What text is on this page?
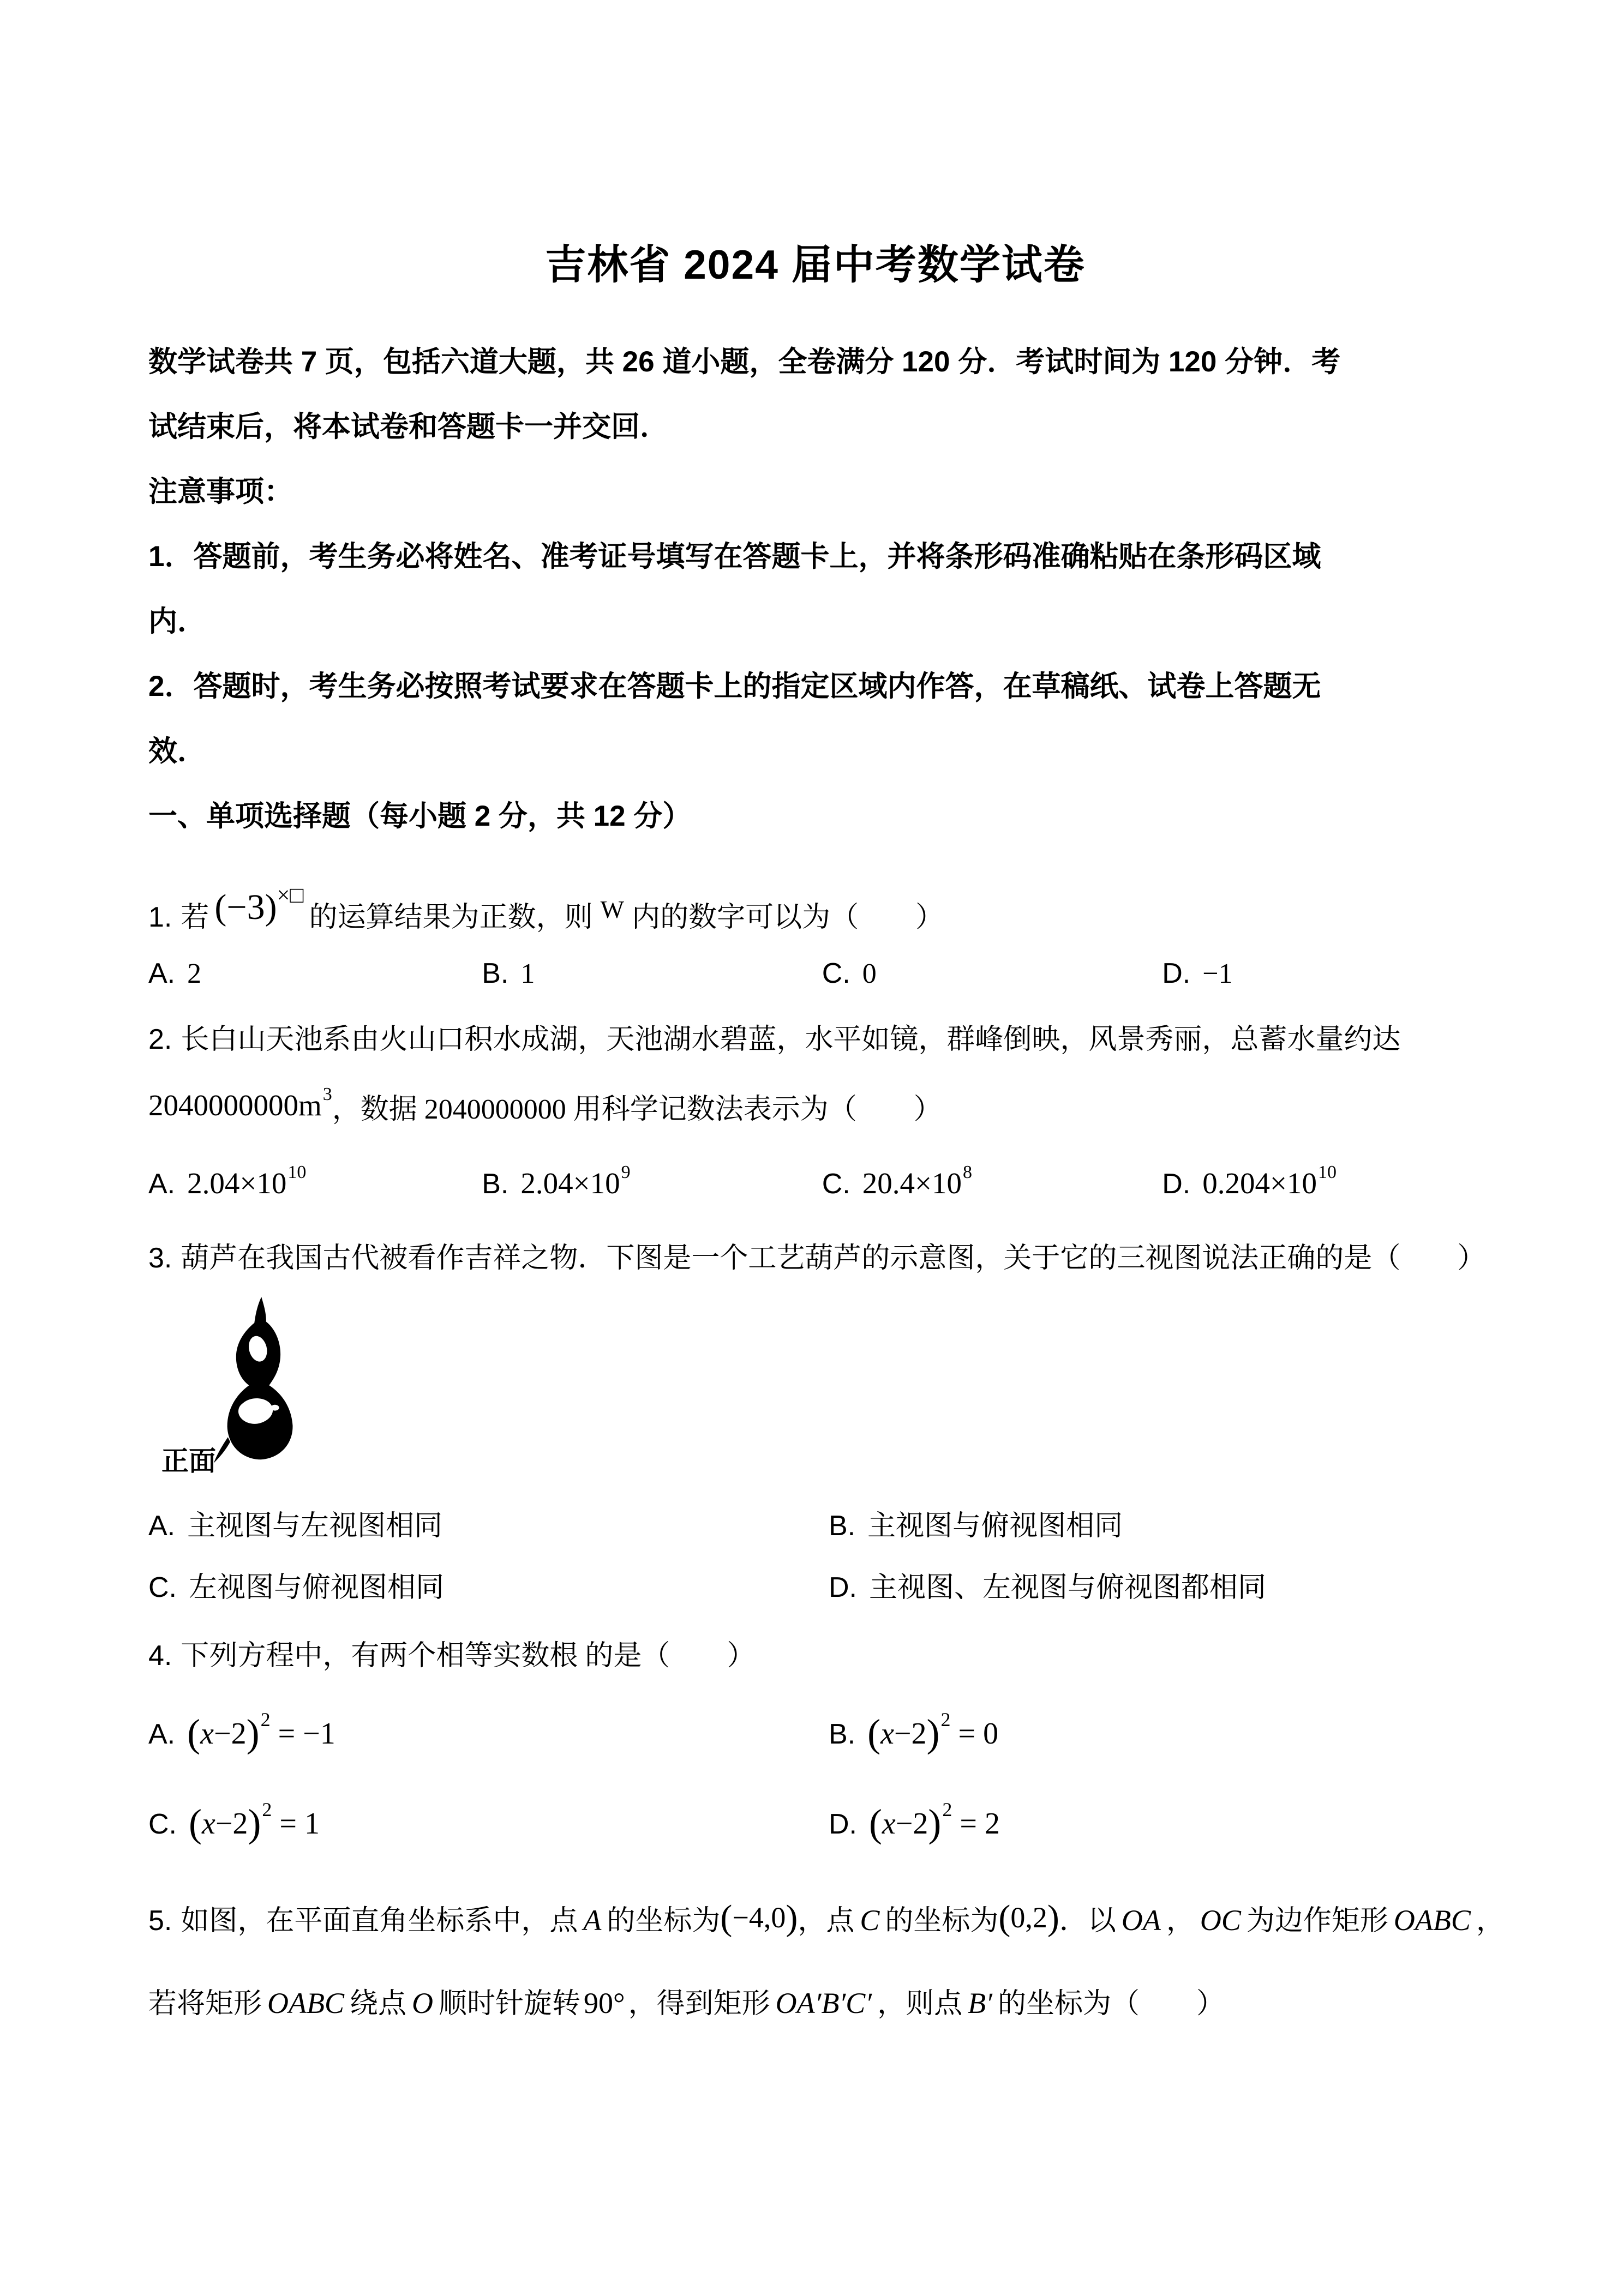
吉林省 2024 届中考数学试卷
数学试卷共 7 页，包括六道大题，共 26 道小题，全卷满分 120 分．考试时间为 120 分钟．考
试结束后，将本试卷和答题卡一并交回．
注意事项：
1．答题前，考生务必将姓名、准考证号填写在答题卡上，并将条形码准确粘贴在条形码区域
内．
2．答题时，考生务必按照考试要求在答题卡上的指定区域内作答，在草稿纸、试卷上答题无
效．
一、单项选择题（每小题 2 分，共 12 分）
1. 若 (−3)×□的运算结果为正数，则 W 内的数字可以为（　　）
A. 2	B. 1	C. 0	D. −1
2. 长白山天池系由火山口积水成湖，天池湖水碧蓝，水平如镜，群峰倒映，风景秀丽，总蓄水量约达
$2040000000m^3$，数据 2040000000 用科学记数法表示为（　　）
A. $2.04\times 10^{10}$	B. $2.04\times 10^9$	C. $20.4\times 10^8$	D. $0.204\times 10^{10}$
3. 葫芦在我国古代被看作吉祥之物．下图是一个工艺葫芦的示意图，关于它的三视图说法正确的是（　　）
正面
A. 主视图与左视图相同	B. 主视图与俯视图相同
C. 左视图与俯视图相同	D. 主视图、左视图与俯视图都相同
4. 下列方程中，有两个相等实数根 的是（　　）
A. $(x-2)^2 = -1$	B. $(x-2)^2 = 0$
C. $(x-2)^2 = 1$	D. $(x-2)^2 = 2$
5. 如图，在平面直角坐标系中，点 A 的坐标为(−4,0)，点 C 的坐标为(0,2)．以 OA ， OC 为边作矩形 OABC ，
若将矩形 OABC 绕点 O 顺时针旋转 90° ，得到矩形 OA′B′C′ ，则点 B′ 的坐标为（　　）
